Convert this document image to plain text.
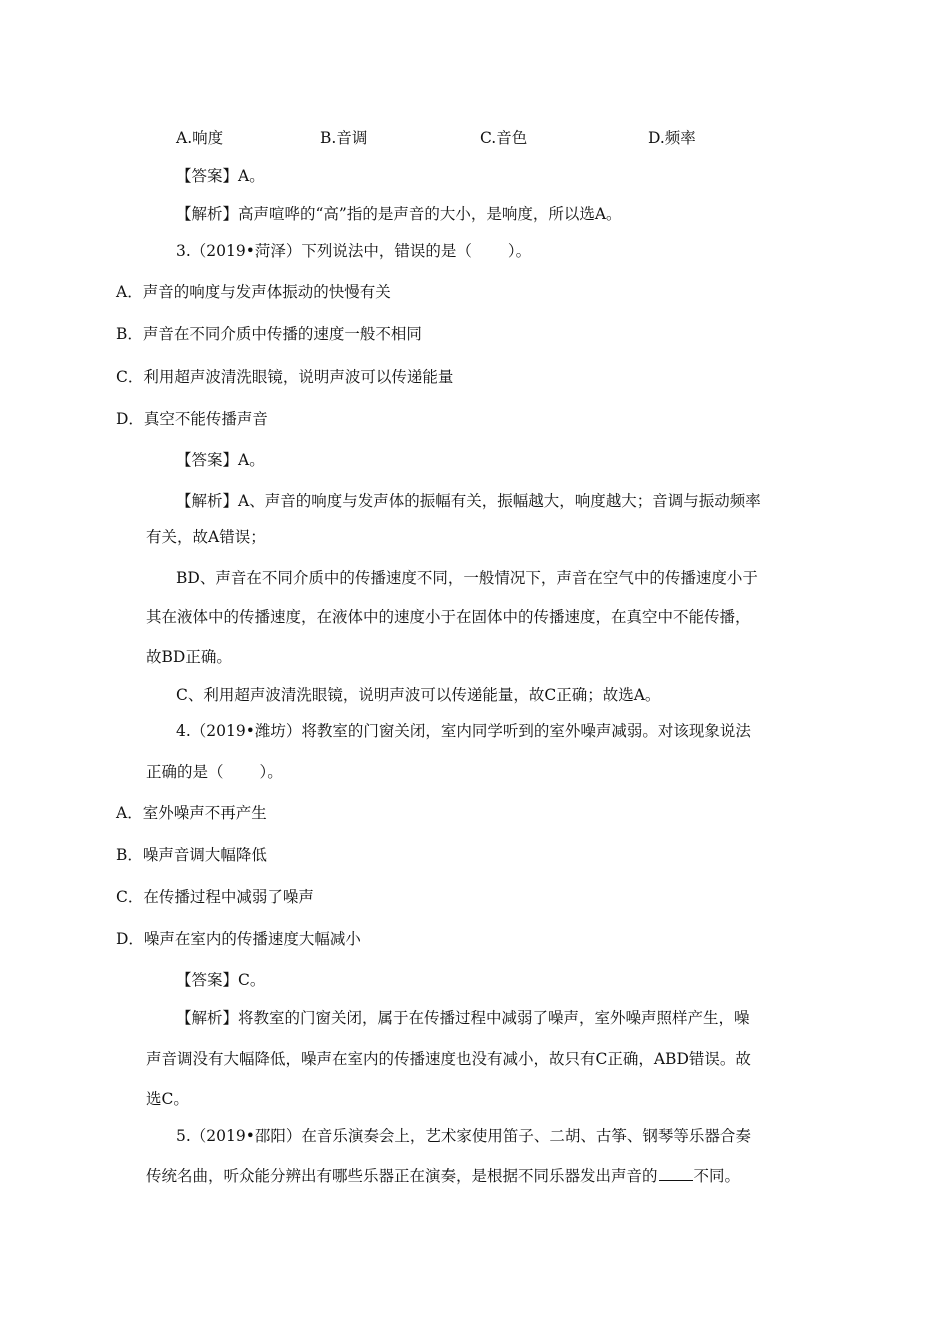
A.响度	B.音调	C.音色	D.频率
【答案】A。
【解析】高声喧哗的“高”指的是声音的大小，是响度，所以选A。
3.（2019•菏泽）下列说法中，错误的是（ ）。
A．声音的响度与发声体振动的快慢有关
B．声音在不同介质中传播的速度一般不相同
C．利用超声波清洗眼镜，说明声波可以传递能量
D．真空不能传播声音
【答案】A。
【解析】A、声音的响度与发声体的振幅有关，振幅越大，响度越大；音调与振动频率
有关，故A错误；
BD、声音在不同介质中的传播速度不同，一般情况下，声音在空气中的传播速度小于
其在液体中的传播速度，在液体中的速度小于在固体中的传播速度，在真空中不能传播，
故BD正确。
C、利用超声波清洗眼镜，说明声波可以传递能量，故C正确；故选A。
4.（2019•潍坊）将教室的门窗关闭，室内同学听到的室外噪声减弱。对该现象说法
正确的是（ ）。
A．室外噪声不再产生
B．噪声音调大幅降低
C．在传播过程中减弱了噪声
D．噪声在室内的传播速度大幅减小
【答案】C。
【解析】将教室的门窗关闭，属于在传播过程中减弱了噪声，室外噪声照样产生，噪
声音调没有大幅降低，噪声在室内的传播速度也没有减小，故只有C正确，ABD错误。故
选C。
5.（2019•邵阳）在音乐演奏会上，艺术家使用笛子、二胡、古筝、钢琴等乐器合奏
传统名曲，听众能分辨出有哪些乐器正在演奏，是根据不同乐器发出声音的 不同。
